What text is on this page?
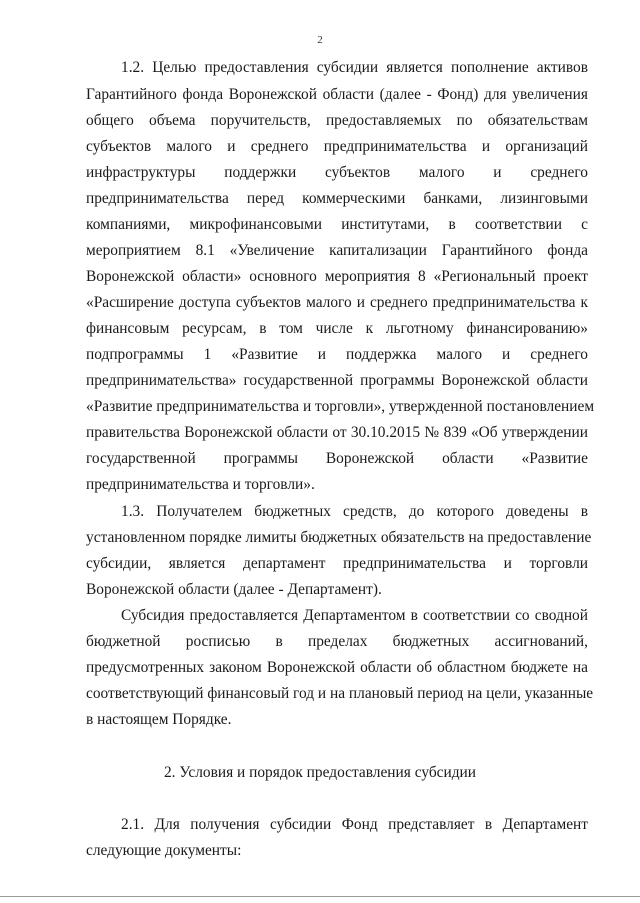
2
1.2. Целью предоставления субсидии является пополнение активов
Гарантийного фонда Воронежской области (далее - Фонд) для увеличения
общего объема поручительств, предоставляемых по обязательствам
субъектов малого и среднего предпринимательства и организаций
инфраструктуры поддержки субъектов малого и среднего
предпринимательства перед коммерческими банками, лизинговыми
компаниями, микрофинансовыми институтами, в соответствии с
мероприятием 8.1 «Увеличение капитализации Гарантийного фонда
Воронежской области» основного мероприятия 8 «Региональный проект
«Расширение доступа субъектов малого и среднего предпринимательства к
финансовым ресурсам, в том числе к льготному финансированию»
подпрограммы 1 «Развитие и поддержка малого и среднего
предпринимательства» государственной программы Воронежской области
«Развитие предпринимательства и торговли», утвержденной постановлением
правительства Воронежской области от 30.10.2015 № 839 «Об утверждении
государственной программы Воронежской области «Развитие
предпринимательства и торговли».
1.3. Получателем бюджетных средств, до которого доведены в
установленном порядке лимиты бюджетных обязательств на предоставление
субсидии, является департамент предпринимательства и торговли
Воронежской области (далее - Департамент).
Субсидия предоставляется Департаментом в соответствии со сводной
бюджетной росписью в пределах бюджетных ассигнований,
предусмотренных законом Воронежской области об областном бюджете на
соответствующий финансовый год и на плановый период на цели, указанные
в настоящем Порядке.
2. Условия и порядок предоставления субсидии
2.1. Для получения субсидии Фонд представляет в Департамент
следующие документы:
